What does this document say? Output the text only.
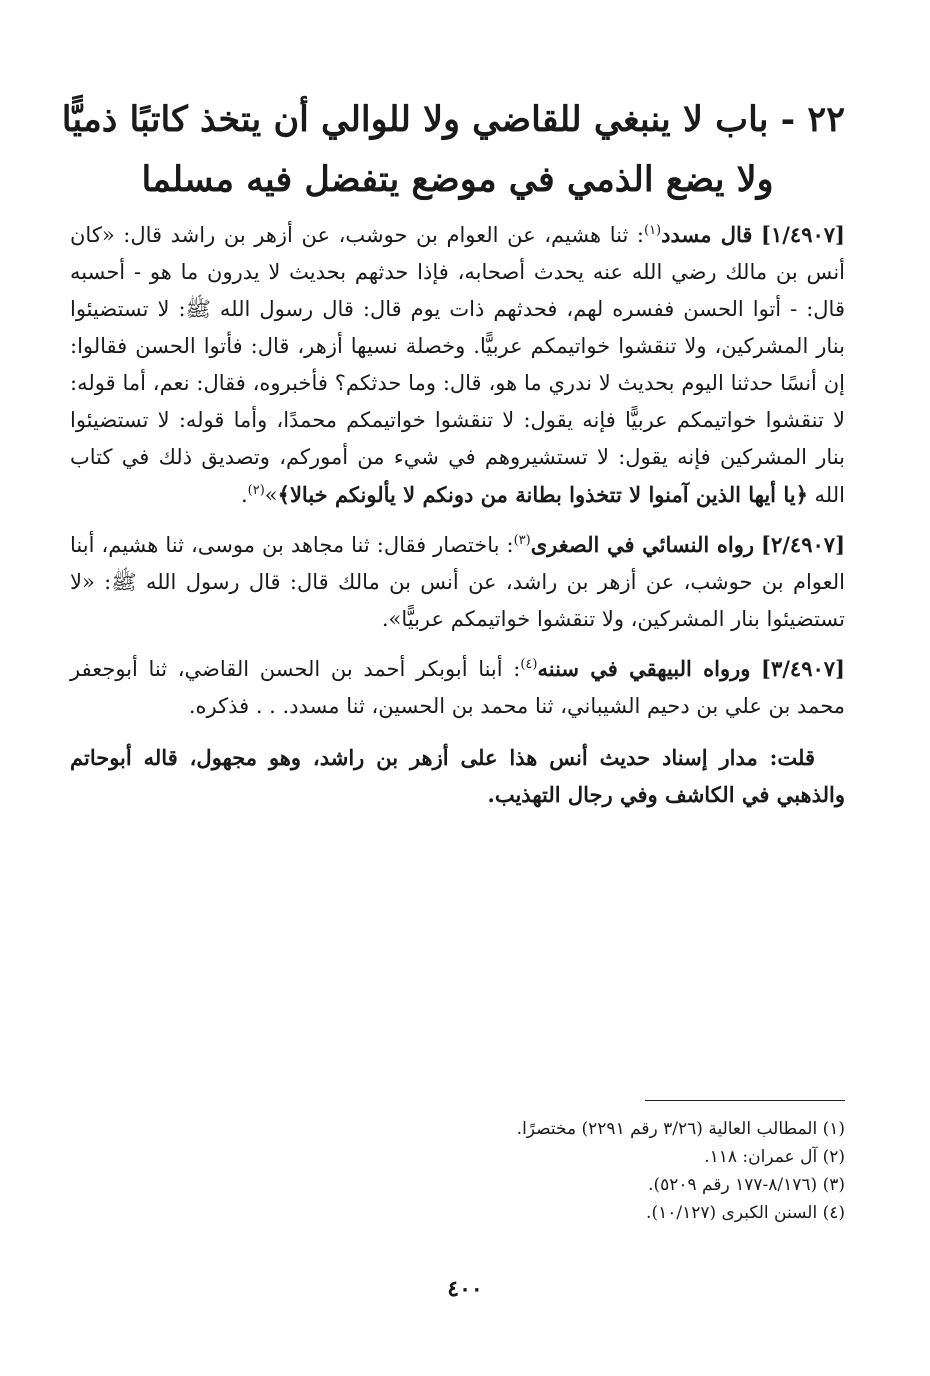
٢٢ - باب لا ينبغي للقاضي ولا للوالي أن يتخذ كاتبًا ذميًّا
ولا يضع الذمي في موضع يتفضل فيه مسلما

[١/٤٩٠٧] قال مسدد$^{(١)}$: ثنا هشيم، عن العوام بن حوشب، عن أزهر بن راشد قال: «كان أنس بن مالك رضي الله عنه يحدث أصحابه، فإذا حدثهم بحديث لا يدرون ما هو - أحسبه قال: - أتوا الحسن ففسره لهم، فحدثهم ذات يوم قال: قال رسول الله ﷺ: لا تستضيئوا بنار المشركين، ولا تنقشوا خواتيمكم عربيًّا. وخصلة نسيها أزهر، قال: فأتوا الحسن فقالوا: إن أنسًا حدثنا اليوم بحديث لا ندري ما هو، قال: وما حدثكم؟ فأخبروه، فقال: نعم، أما قوله: لا تنقشوا خواتيمكم عربيًّا فإنه يقول: لا تنقشوا خواتيمكم محمدًا، وأما قوله: لا تستضيئوا بنار المشركين فإنه يقول: لا تستشيروهم في شيء من أموركم، وتصديق ذلك في كتاب الله ﴿يا أيها الذين آمنوا لا تتخذوا بطانة من دونكم لا يألونكم خبالا﴾»$^{(٢)}$.

[٢/٤٩٠٧] رواه النسائي في الصغرى$^{(٣)}$: باختصار فقال: ثنا مجاهد بن موسى، ثنا هشيم، أبنا العوام بن حوشب، عن أزهر بن راشد، عن أنس بن مالك قال: قال رسول الله ﷺ: «لا تستضيئوا بنار المشركين، ولا تنقشوا خواتيمكم عربيًّا».

[٣/٤٩٠٧] ورواه البيهقي في سننه$^{(٤)}$: أبنا أبوبكر أحمد بن الحسن القاضي، ثنا أبوجعفر محمد بن علي بن دحيم الشيباني، ثنا محمد بن الحسين، ثنا مسدد. . . فذكره.

قلت: مدار إسناد حديث أنس هذا على أزهر بن راشد، وهو مجهول، قاله أبوحاتم والذهبي في الكاشف وفي رجال التهذيب.

(١) المطالب العالية (٣/٢٦ رقم ٢٢٩١) مختصرًا.
(٢) آل عمران: ١١٨.
(٣) (٨/١٧٦-١٧٧ رقم ٥٢٠٩).
(٤) السنن الكبرى (١٠/١٢٧).
٤٠٠
